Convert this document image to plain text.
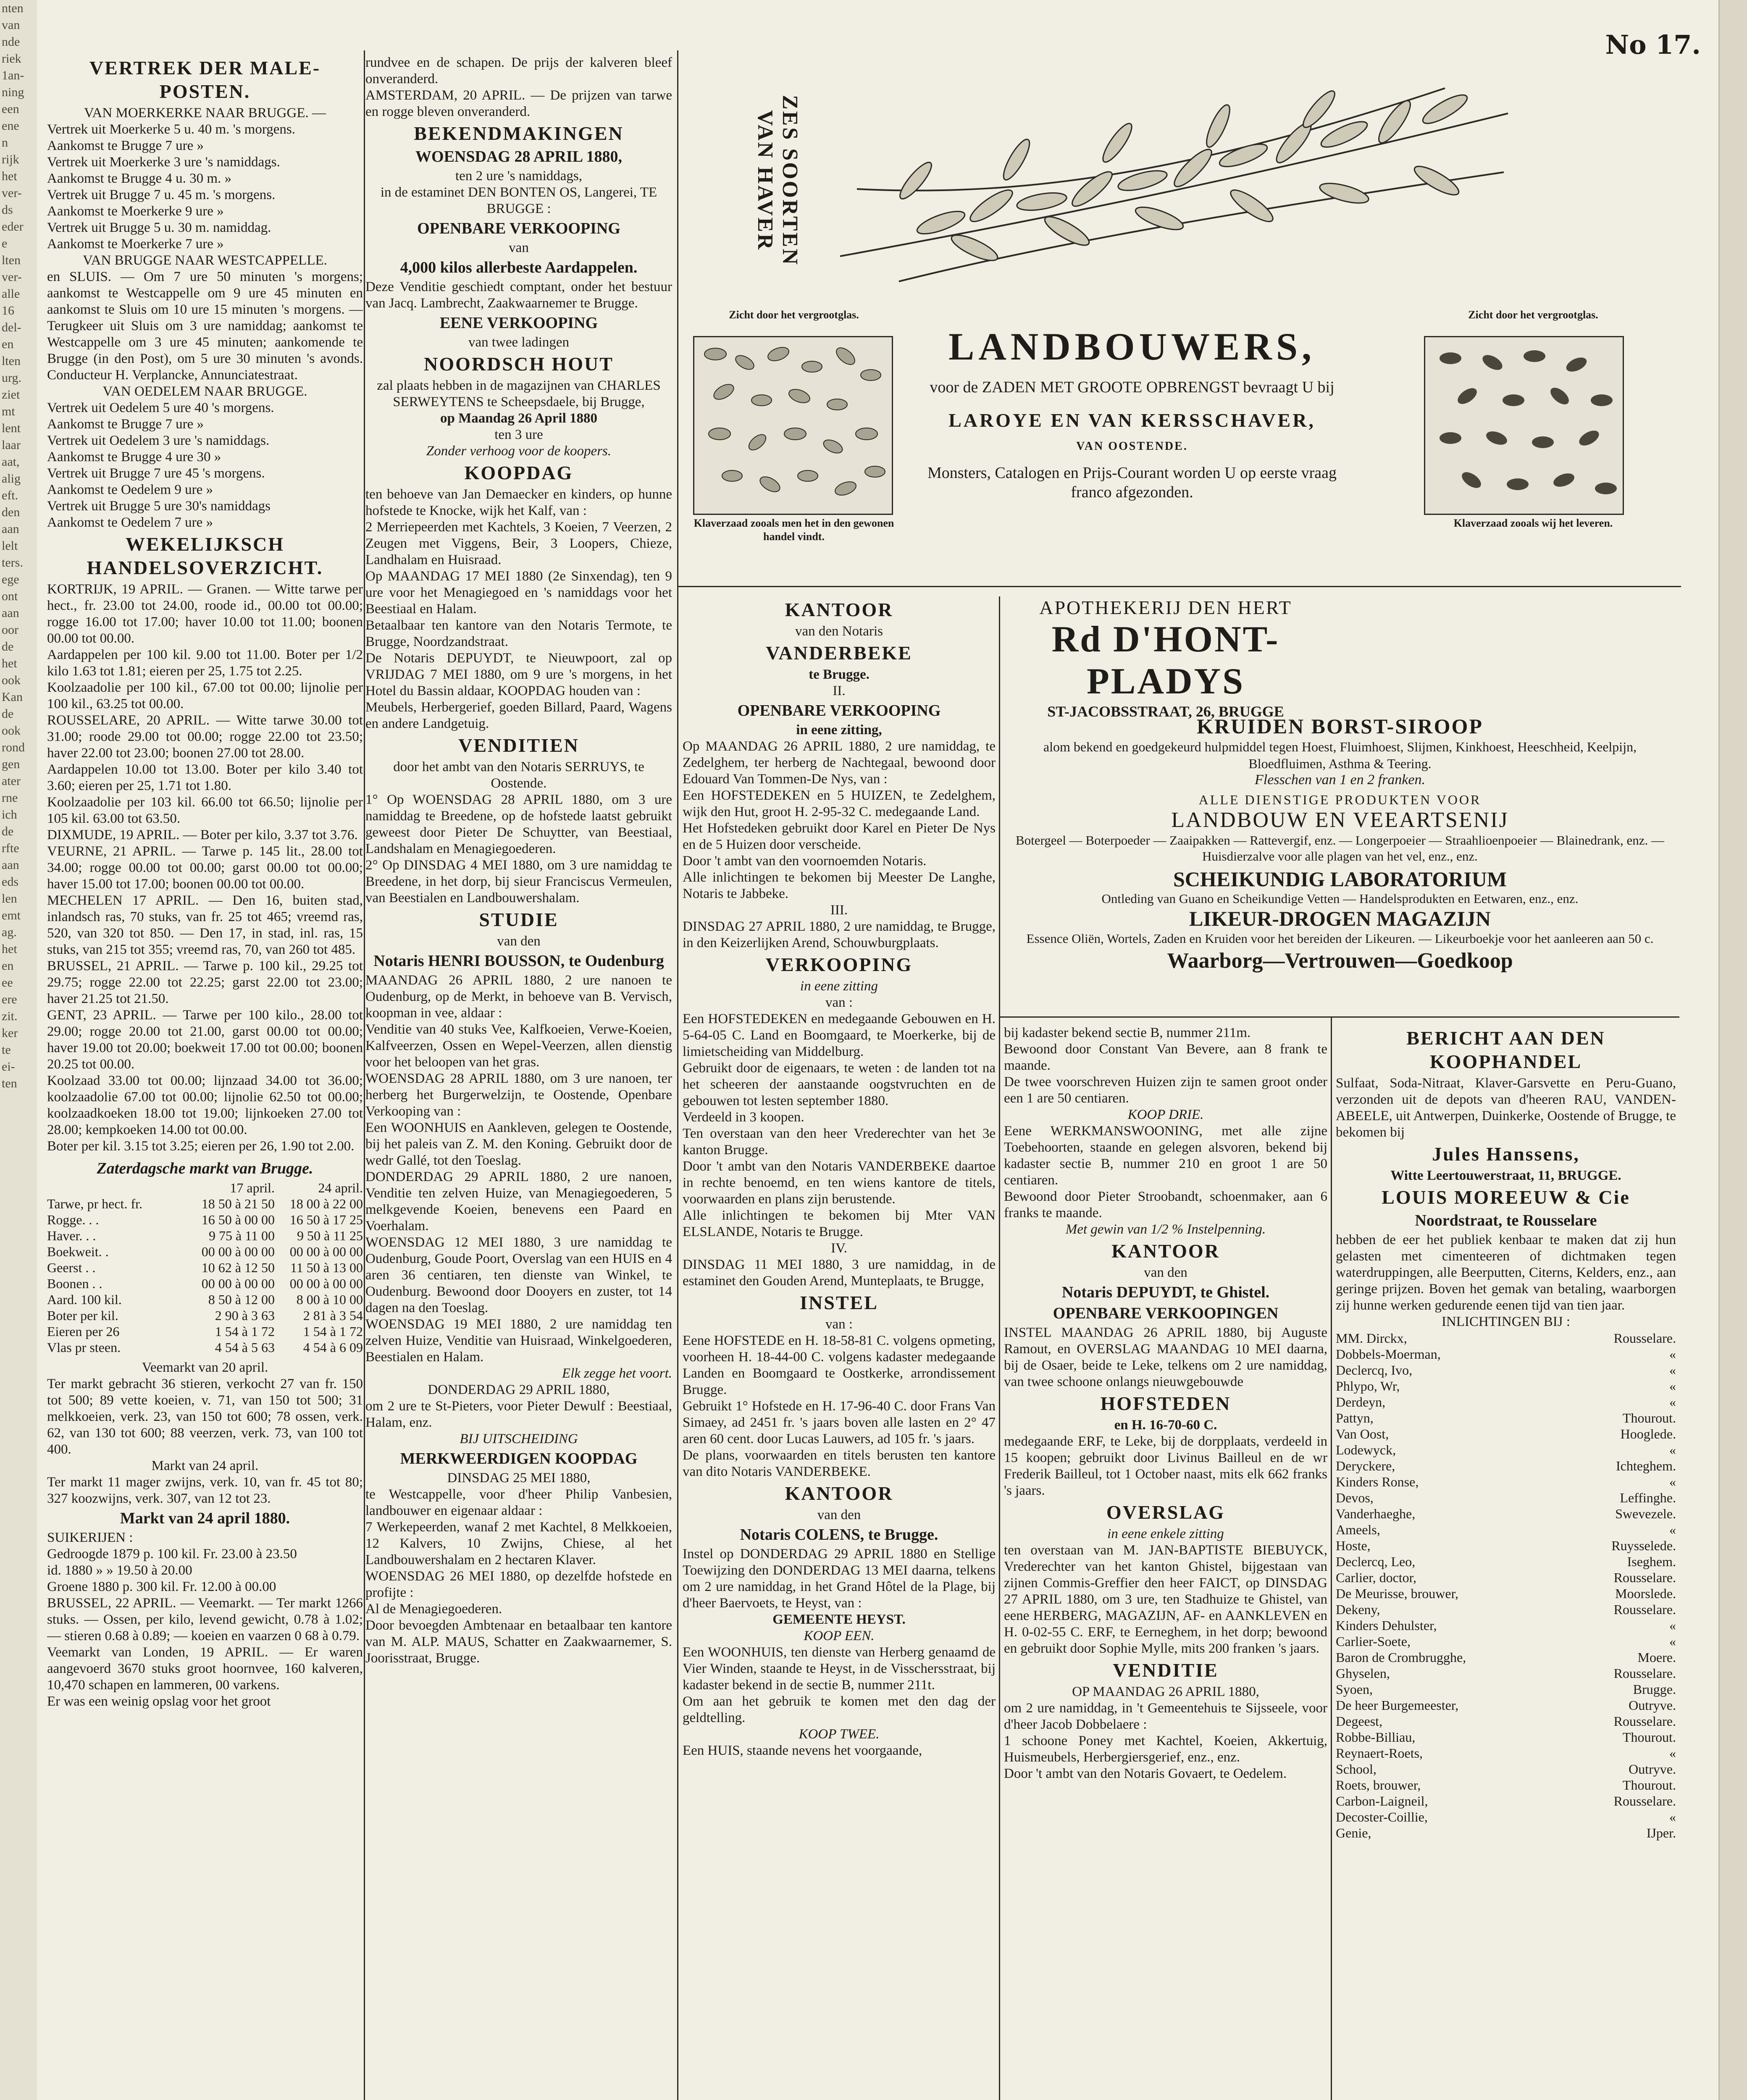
nten
van
nde
riek
1an-
ning
een
ene
n
rijk
het
ver-
ds
eder
e
lten
ver-
alle
16
del-
en
lten
urg.
ziet
mt
lent
laar
aat,
alig
eft.
den
aan
lelt
ters.
ege
ont
aan
oor
de
het
ook
Kan
de
ook
rond
gen
ater
rne
ich
de
rfte
aan
eds
len
emt
ag.
het
en
ee
ere
zit.
ker
te
ei-
ten
No 17.
ZES SOORTEN VAN HAVER
Zicht door het vergrootglas.
Klaverzaad zooals men het in den gewonen handel vindt.
Zicht door het vergrootglas.
Klaverzaad zooals wij het leveren.
LANDBOUWERS,
voor de ZADEN MET GROOTE OPBRENGST bevraagt U bij
LAROYE EN VAN KERSSCHAVER,
VAN OOSTENDE.
Monsters, Catalogen en Prijs-Courant worden U op eerste vraag franco afgezonden.
VERTREK DER MALE-POSTEN.
VAN MOERKERKE NAAR BRUGGE. —
Vertrek uit Moerkerke 5 u. 40 m. 's morgens.
Aankomst te Brugge 7 ure »
Vertrek uit Moerkerke 3 ure 's namiddags.
Aankomst te Brugge 4 u. 30 m. »
Vertrek uit Brugge 7 u. 45 m. 's morgens.
Aankomst te Moerkerke 9 ure »
Vertrek uit Brugge 5 u. 30 m. namiddag.
Aankomst te Moerkerke 7 ure »
VAN BRUGGE NAAR WESTCAPPELLE.
en SLUIS. — Om 7 ure 50 minuten 's morgens; aankomst te Westcappelle om 9 ure 45 minuten en aankomst te Sluis om 10 ure 15 minuten 's morgens. — Terugkeer uit Sluis om 3 ure namiddag; aankomst te Westcappelle om 3 ure 45 minuten; aankomende te Brugge (in den Post), om 5 ure 30 minuten 's avonds. Conducteur H. Verplancke, Annunciatestraat.
VAN OEDELEM NAAR BRUGGE.
Vertrek uit Oedelem 5 ure 40 's morgens.
Aankomst te Brugge 7 ure »
Vertrek uit Oedelem 3 ure 's namiddags.
Aankomst te Brugge 4 ure 30 »
Vertrek uit Brugge 7 ure 45 's morgens.
Aankomst te Oedelem 9 ure »
Vertrek uit Brugge 5 ure 30's namiddags
Aankomst te Oedelem 7 ure »
WEKELIJKSCH HANDELSOVERZICHT.
KORTRIJK, 19 APRIL. — Granen. — Witte tarwe per hect., fr. 23.00 tot 24.00, roode id., 00.00 tot 00.00; rogge 16.00 tot 17.00; haver 10.00 tot 11.00; boonen 00.00 tot 00.00.
Aardappelen per 100 kil. 9.00 tot 11.00. Boter per 1/2 kilo 1.63 tot 1.81; eieren per 25, 1.75 tot 2.25.
Koolzaadolie per 100 kil., 67.00 tot 00.00; lijnolie per 100 kil., 63.25 tot 00.00.
ROUSSELARE, 20 APRIL. — Witte tarwe 30.00 tot 31.00; roode 29.00 tot 00.00; rogge 22.00 tot 23.50; haver 22.00 tot 23.00; boonen 27.00 tot 28.00.
Aardappelen 10.00 tot 13.00. Boter per kilo 3.40 tot 3.60; eieren per 25, 1.71 tot 1.80.
Koolzaadolie per 103 kil. 66.00 tot 66.50; lijnolie per 105 kil. 63.00 tot 63.50.
DIXMUDE, 19 APRIL. — Boter per kilo, 3.37 tot 3.76.
VEURNE, 21 APRIL. — Tarwe p. 145 lit., 28.00 tot 34.00; rogge 00.00 tot 00.00; garst 00.00 tot 00.00; haver 15.00 tot 17.00; boonen 00.00 tot 00.00.
MECHELEN 17 APRIL. — Den 16, buiten stad, inlandsch ras, 70 stuks, van fr. 25 tot 465; vreemd ras, 520, van 320 tot 850. — Den 17, in stad, inl. ras, 15 stuks, van 215 tot 355; vreemd ras, 70, van 260 tot 485.
BRUSSEL, 21 APRIL. — Tarwe p. 100 kil., 29.25 tot 29.75; rogge 22.00 tot 22.25; garst 22.00 tot 23.00; haver 21.25 tot 21.50.
GENT, 23 APRIL. — Tarwe per 100 kilo., 28.00 tot 29.00; rogge 20.00 tot 21.00, garst 00.00 tot 00.00; haver 19.00 tot 20.00; boekweit 17.00 tot 00.00; boonen 20.25 tot 00.00.
Koolzaad 33.00 tot 00.00; lijnzaad 34.00 tot 36.00; koolzaadolie 67.00 tot 00.00; lijnolie 62.50 tot 00.00; koolzaadkoeken 18.00 tot 19.00; lijnkoeken 27.00 tot 28.00; kempkoeken 14.00 tot 00.00.
Boter per kil. 3.15 tot 3.25; eieren per 26, 1.90 tot 2.00.
Zaterdagsche markt van Brugge.
17 april.	24 april.
Tarwe, pr hect. fr.	18 50 à 21 50	18 00 à 22 00
Rogge. . .	16 50 à 00 00	16 50 à 17 25
Haver. . .	9 75 à 11 00	9 50 à 11 25
Boekweit. .	00 00 à 00 00	00 00 à 00 00
Geerst . .	10 62 à 12 50	11 50 à 13 00
Boonen . .	00 00 à 00 00	00 00 à 00 00
Aard. 100 kil.	8 50 à 12 00	8 00 à 10 00
Boter per kil.	2 90 à 3 63	2 81 à 3 54
Eieren per 26	1 54 à 1 72	1 54 à 1 72
Vlas pr steen.	4 54 à 5 63	4 54 à 6 09
Veemarkt van 20 april.
Ter markt gebracht 36 stieren, verkocht 27 van fr. 150 tot 500; 89 vette koeien, v. 71, van 150 tot 500; 31 melkkoeien, verk. 23, van 150 tot 600; 78 ossen, verk. 62, van 130 tot 600; 88 veerzen, verk. 73, van 100 tot 400.
Markt van 24 april.
Ter markt 11 mager zwijns, verk. 10, van fr. 45 tot 80; 327 koozwijns, verk. 307, van 12 tot 23.
Markt van 24 april 1880.
SUIKERIJEN :
Gedroogde 1879 p. 100 kil. Fr. 23.00 à 23.50
id. 1880 » » 19.50 à 20.00
Groene 1880 p. 300 kil. Fr. 12.00 à 00.00
BRUSSEL, 22 APRIL. — Veemarkt. — Ter markt 1266 stuks. — Ossen, per kilo, levend gewicht, 0.78 à 1.02; — stieren 0.68 à 0.89; — koeien en vaarzen 0 68 à 0.79.
Veemarkt van Londen, 19 APRIL. — Er waren aangevoerd 3670 stuks groot hoornvee, 160 kalveren, 10,470 schapen en lammeren, 00 varkens.
Er was een weinig opslag voor het groot
rundvee en de schapen. De prijs der kalveren bleef onveranderd.
AMSTERDAM, 20 APRIL. — De prijzen van tarwe en rogge bleven onveranderd.
BEKENDMAKINGEN
WOENSDAG 28 APRIL 1880,
ten 2 ure 's namiddags,
in de estaminet DEN BONTEN OS, Langerei, TE BRUGGE :
OPENBARE VERKOOPING
van
4,000 kilos allerbeste Aardappelen.
Deze Venditie geschiedt comptant, onder het bestuur van Jacq. Lambrecht, Zaakwaarnemer te Brugge.
EENE VERKOOPING
van twee ladingen
NOORDSCH HOUT
zal plaats hebben in de magazijnen van CHARLES SERWEYTENS te Scheepsdaele, bij Brugge,
op Maandag 26 April 1880
ten 3 ure
Zonder verhoog voor de koopers.
KOOPDAG
ten behoeve van Jan Demaecker en kinders, op hunne hofstede te Knocke, wijk het Kalf, van :
2 Merriepeerden met Kachtels, 3 Koeien, 7 Veerzen, 2 Zeugen met Viggens, Beir, 3 Loopers, Chieze, Landhalam en Huisraad.
Op MAANDAG 17 MEI 1880 (2e Sinxendag), ten 9 ure voor het Menagiegoed en 's namiddags voor het Beestiaal en Halam.
Betaalbaar ten kantore van den Notaris Termote, te Brugge, Noordzandstraat.
De Notaris DEPUYDT, te Nieuwpoort, zal op VRIJDAG 7 MEI 1880, om 9 ure 's morgens, in het Hotel du Bassin aldaar, KOOPDAG houden van :
Meubels, Herbergerief, goeden Billard, Paard, Wagens en andere Landgetuig.
VENDITIEN
door het ambt van den Notaris SERRUYS, te Oostende.
1° Op WOENSDAG 28 APRIL 1880, om 3 ure namiddag te Breedene, op de hofstede laatst gebruikt geweest door Pieter De Schuytter, van Beestiaal, Landshalam en Menagiegoederen.
2° Op DINSDAG 4 MEI 1880, om 3 ure namiddag te Breedene, in het dorp, bij sieur Franciscus Vermeulen, van Beestialen en Landbouwershalam.
STUDIE
van den
Notaris HENRI BOUSSON, te Oudenburg
MAANDAG 26 APRIL 1880, 2 ure nanoen te Oudenburg, op de Merkt, in behoeve van B. Vervisch, koopman in vee, aldaar :
Venditie van 40 stuks Vee, Kalfkoeien, Verwe-Koeien, Kalfveerzen, Ossen en Wepel-Veerzen, allen dienstig voor het beloopen van het gras.
WOENSDAG 28 APRIL 1880, om 3 ure nanoen, ter herberg het Burgerwelzijn, te Oostende, Openbare Verkooping van :
Een WOONHUIS en Aankleven, gelegen te Oostende, bij het paleis van Z. M. den Koning. Gebruikt door de wedr Gallé, tot den Toeslag.
DONDERDAG 29 APRIL 1880, 2 ure nanoen, Venditie ten zelven Huize, van Menagiegoederen, 5 melkgevende Koeien, benevens een Paard en Voerhalam.
WOENSDAG 12 MEI 1880, 3 ure namiddag te Oudenburg, Goude Poort, Overslag van een HUIS en 4 aren 36 centiaren, ten dienste van Winkel, te Oudenburg. Bewoond door Dooyers en zuster, tot 14 dagen na den Toeslag.
WOENSDAG 19 MEI 1880, 2 ure namiddag ten zelven Huize, Venditie van Huisraad, Winkelgoederen, Beestialen en Halam.
Elk zegge het voort.
DONDERDAG 29 APRIL 1880,
om 2 ure te St-Pieters, voor Pieter Dewulf : Beestiaal, Halam, enz.
BIJ UITSCHEIDING
MERKWEERDIGEN KOOPDAG
DINSDAG 25 MEI 1880,
te Westcappelle, voor d'heer Philip Vanbesien, landbouwer en eigenaar aldaar :
7 Werkepeerden, wanaf 2 met Kachtel, 8 Melkkoeien, 12 Kalvers, 10 Zwijns, Chiese, al het Landbouwershalam en 2 hectaren Klaver.
WOENSDAG 26 MEI 1880, op dezelfde hofstede en profijte :
Al de Menagiegoederen.
Door bevoegden Ambtenaar en betaalbaar ten kantore van M. ALP. MAUS, Schatter en Zaakwaarnemer, S. Joorisstraat, Brugge.
KANTOOR
van den Notaris
VANDERBEKE
te Brugge.
II.
OPENBARE VERKOOPING
in eene zitting,
Op MAANDAG 26 APRIL 1880, 2 ure namiddag, te Zedelghem, ter herberg de Nachtegaal, bewoond door Edouard Van Tommen-De Nys, van :
Een HOFSTEDEKEN en 5 HUIZEN, te Zedelghem, wijk den Hut, groot H. 2-95-32 C. medegaande Land.
Het Hofstedeken gebruikt door Karel en Pieter De Nys en de 5 Huizen door verscheide.
Door 't ambt van den voornoemden Notaris.
Alle inlichtingen te bekomen bij Meester De Langhe, Notaris te Jabbeke.
III.
DINSDAG 27 APRIL 1880, 2 ure namiddag, te Brugge, in den Keizerlijken Arend, Schouwburgplaats.
VERKOOPING
in eene zitting
van :
Een HOFSTEDEKEN en medegaande Gebouwen en H. 5-64-05 C. Land en Boomgaard, te Moerkerke, bij de limietscheiding van Middelburg.
Gebruikt door de eigenaars, te weten : de landen tot na het scheeren der aanstaande oogstvruchten en de gebouwen tot lesten september 1880.
Verdeeld in 3 koopen.
Ten overstaan van den heer Vrederechter van het 3e kanton Brugge.
Door 't ambt van den Notaris VANDERBEKE daartoe in rechte benoemd, en ten wiens kantore de titels, voorwaarden en plans zijn berustende.
Alle inlichtingen te bekomen bij Mter VAN ELSLANDE, Notaris te Brugge.
IV.
DINSDAG 11 MEI 1880, 3 ure namiddag, in de estaminet den Gouden Arend, Munteplaats, te Brugge,
INSTEL
van :
Eene HOFSTEDE en H. 18-58-81 C. volgens opmeting, voorheen H. 18-44-00 C. volgens kadaster medegaande Landen en Boomgaard te Oostkerke, arrondissement Brugge.
Gebruikt 1° Hofstede en H. 17-96-40 C. door Frans Van Simaey, ad 2451 fr. 's jaars boven alle lasten en 2° 47 aren 60 cent. door Lucas Lauwers, ad 105 fr. 's jaars.
De plans, voorwaarden en titels berusten ten kantore van dito Notaris VANDERBEKE.
KANTOOR
van den
Notaris COLENS, te Brugge.
Instel op DONDERDAG 29 APRIL 1880 en Stellige Toewijzing den DONDERDAG 13 MEI daarna, telkens om 2 ure namiddag, in het Grand Hôtel de la Plage, bij d'heer Baervoets, te Heyst, van :
GEMEENTE HEYST.
KOOP EEN.
Een WOONHUIS, ten dienste van Herberg genaamd de Vier Winden, staande te Heyst, in de Visschersstraat, bij kadaster bekend in de sectie B, nummer 211t.
Om aan het gebruik te komen met den dag der geldtelling.
KOOP TWEE.
Een HUIS, staande nevens het voorgaande,
APOTHEKERIJ DEN HERT
Rd D'HONT-PLADYS
ST-JACOBSSTRAAT, 26, BRUGGE
KRUIDEN BORST-SIROOP
alom bekend en goedgekeurd hulpmiddel tegen Hoest, Fluimhoest, Slijmen, Kinkhoest, Heeschheid, Keelpijn, Bloedfluimen, Asthma & Teering.
Flesschen van 1 en 2 franken.
ALLE DIENSTIGE PRODUKTEN VOOR
LANDBOUW EN VEEARTSENIJ
Botergeel — Boterpoeder — Zaaipakken — Rattevergif, enz. — Longerpoeier — Straahlioenpoeier — Blainedrank, enz. — Huisdierzalve voor alle plagen van het vel, enz., enz.
SCHEIKUNDIG LABORATORIUM
Ontleding van Guano en Scheikundige Vetten — Handelsprodukten en Eetwaren, enz., enz.
LIKEUR-DROGEN MAGAZIJN
Essence Oliën, Wortels, Zaden en Kruiden voor het bereiden der Likeuren. — Likeurboekje voor het aanleeren aan 50 c.
Waarborg—Vertrouwen—Goedkoop
bij kadaster bekend sectie B, nummer 211m.
Bewoond door Constant Van Bevere, aan 8 frank te maande.
De twee voorschreven Huizen zijn te samen groot onder een 1 are 50 centiaren.
KOOP DRIE.
Eene WERKMANSWOONING, met alle zijne Toebehoorten, staande en gelegen alsvoren, bekend bij kadaster sectie B, nummer 210 en groot 1 are 50 centiaren.
Bewoond door Pieter Stroobandt, schoenmaker, aan 6 franks te maande.
Met gewin van 1/2 % Instelpenning.
KANTOOR
van den
Notaris DEPUYDT, te Ghistel.
OPENBARE VERKOOPINGEN
INSTEL MAANDAG 26 APRIL 1880, bij Auguste Ramout, en OVERSLAG MAANDAG 10 MEI daarna, bij de Osaer, beide te Leke, telkens om 2 ure namiddag, van twee schoone onlangs nieuwgebouwde
HOFSTEDEN
en H. 16-70-60 C.
medegaande ERF, te Leke, bij de dorpplaats, verdeeld in 15 koopen; gebruikt door Livinus Bailleul en de wr Frederik Bailleul, tot 1 October naast, mits elk 662 franks 's jaars.
OVERSLAG
in eene enkele zitting
ten overstaan van M. JAN-BAPTISTE BIEBUYCK, Vrederechter van het kanton Ghistel, bijgestaan van zijnen Commis-Greffier den heer FAICT, op DINSDAG 27 APRIL 1880, om 3 ure, ten Stadhuize te Ghistel, van eene HERBERG, MAGAZIJN, AF- en AANKLEVEN en H. 0-02-55 C. ERF, te Eerneghem, in het dorp; bewoond en gebruikt door Sophie Mylle, mits 200 franken 's jaars.
VENDITIE
OP MAANDAG 26 APRIL 1880,
om 2 ure namiddag, in 't Gemeentehuis te Sijsseele, voor d'heer Jacob Dobbelaere :
1 schoone Poney met Kachtel, Koeien, Akkertuig, Huismeubels, Herbergiersgerief, enz., enz.
Door 't ambt van den Notaris Govaert, te Oedelem.
BERICHT AAN DEN KOOPHANDEL
Sulfaat, Soda-Nitraat, Klaver-Garsvette en Peru-Guano, verzonden uit de depots van d'heeren RAU, VANDEN-ABEELE, uit Antwerpen, Duinkerke, Oostende of Brugge, te bekomen bij
Jules Hanssens,
Witte Leertouwerstraat, 11, BRUGGE.
LOUIS MOREEUW & Cie
Noordstraat, te Rousselare
hebben de eer het publiek kenbaar te maken dat zij hun gelasten met cimenteeren of dichtmaken tegen waterdruppingen, alle Beerputten, Citerns, Kelders, enz., aan geringe prijzen. Boven het gemak van betaling, waarborgen zij hunne werken gedurende eenen tijd van tien jaar.
INLICHTINGEN BIJ :
MM. Dirckx,	Rousselare.
Dobbels-Moerman,	«
Declercq, Ivo,	«
Phlypo, Wr,	«
Derdeyn,	«
Pattyn,	Thourout.
Van Oost,	Hooglede.
Lodewyck,	«
Deryckere,	Ichteghem.
Kinders Ronse,	«
Devos,	Leffinghe.
Vanderhaeghe,	Swevezele.
Ameels,	«
Hoste,	Ruysselede.
Declercq, Leo,	Iseghem.
Carlier, doctor,	Rousselare.
De Meurisse, brouwer,	Moorslede.
Dekeny,	Rousselare.
Kinders Dehulster,	«
Carlier-Soete,	«
Baron de Crombrugghe,	Moere.
Ghyselen,	Rousselare.
Syoen,	Brugge.
De heer Burgemeester,	Outryve.
Degeest,	Rousselare.
Robbe-Billiau,	Thourout.
Reynaert-Roets,	«
School,	Outryve.
Roets, brouwer,	Thourout.
Carbon-Laigneil,	Rousselare.
Decoster-Coillie,	«
Genie,	IJper.
